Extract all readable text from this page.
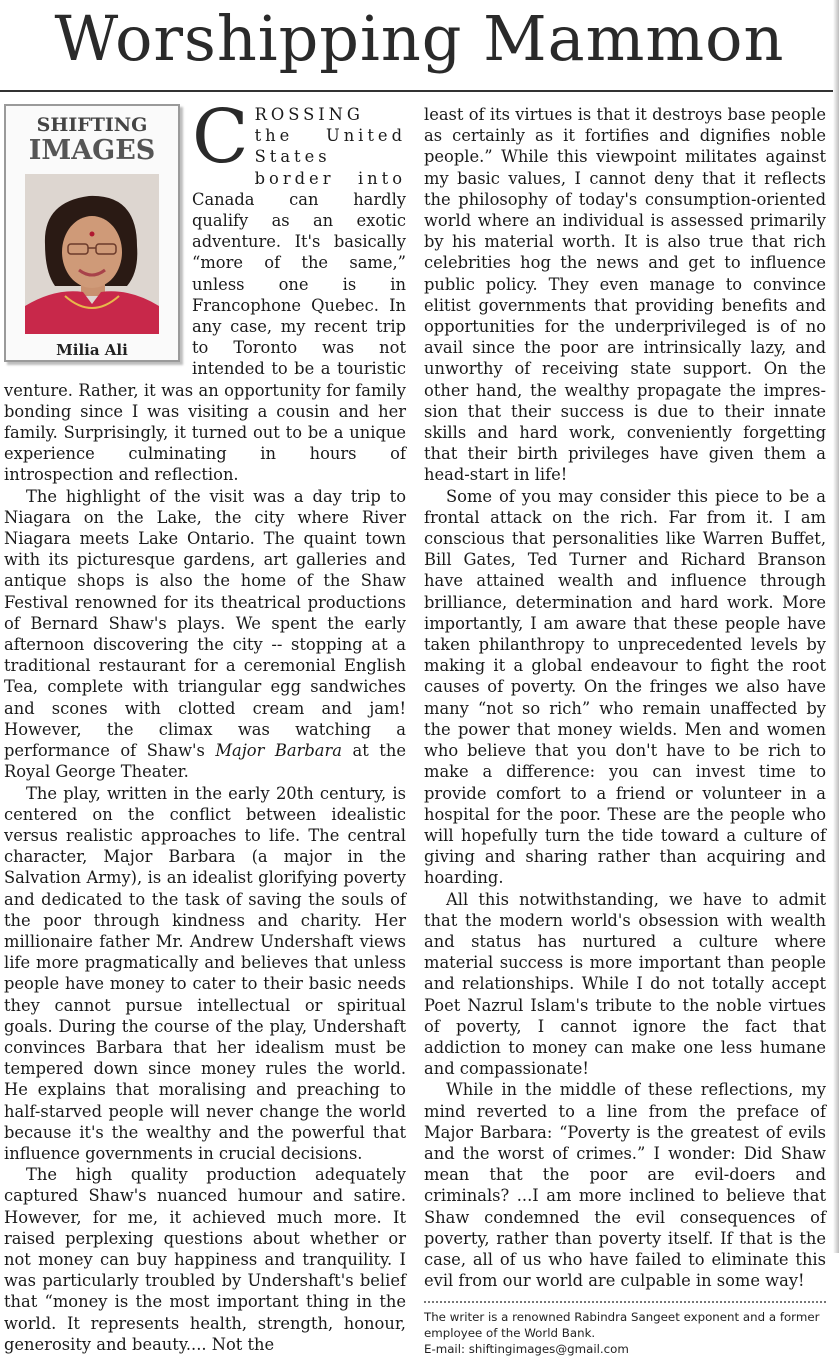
Worshipping Mammon
SHIFTING
IMAGES
Milia Ali

CROSSING the United States border into Canada can hardly qualify as an exotic adventure. It's basically “more of the same,” unless one is in Francophone Quebec. In any case, my recent trip to Toronto was not intended to be a touristic venture. Rather, it was an opportunity for family bonding since I was visiting a cousin and her family. Surprisingly, it turned out to be a unique experience culminating in hours of introspection and reflection.

The highlight of the visit was a day trip to Niagara on the Lake, the city where River Niagara meets Lake Ontario. The quaint town with its picturesque gardens, art galleries and antique shops is also the home of the Shaw Festival renowned for its theatrical productions of Bernard Shaw's plays. We spent the early afternoon discovering the city -- stopping at a traditional restaurant for a ceremonial English Tea, complete with triangular egg sandwiches and scones with clotted cream and jam! However, the climax was watching a performance of Shaw's Major Barbara at the Royal George Theater.

The play, written in the early 20th century, is centered on the conflict between idealistic versus realistic approaches to life. The central character, Major Barbara (a major in the Salvation Army), is an idealist glorifying poverty and dedicated to the task of saving the souls of the poor through kindness and charity. Her millionaire father Mr. Andrew Undershaft views life more pragmatically and believes that unless people have money to cater to their basic needs they cannot pursue intellectual or spiritual goals. During the course of the play, Undershaft convinces Barbara that her idealism must be tempered down since money rules the world. He explains that moralising and preaching to half-starved people will never change the world because it's the wealthy and the powerful that influence governments in crucial decisions.

The high quality production adequately captured Shaw's nuanced humour and satire. However, for me, it achieved much more. It raised perplexing questions about whether or not money can buy happiness and tranquility. I was particularly troubled by Undershaft's belief that “money is the most important thing in the world. It represents health, strength, honour, generosity and beauty.... Not the

least of its virtues is that it destroys base people as certainly as it fortifies and dignifies noble people.” While this viewpoint militates against my basic values, I cannot deny that it reflects the philosophy of today's consumption-oriented world where an individual is assessed primarily by his material worth. It is also true that rich celebrities hog the news and get to influence public policy. They even manage to convince elitist governments that providing benefits and opportunities for the underprivileged is of no avail since the poor are intrinsically lazy, and unworthy of receiving state support. On the other hand, the wealthy propagate the impression that their success is due to their innate skills and hard work, conveniently forgetting that their birth privileges have given them a head-start in life!

Some of you may consider this piece to be a frontal attack on the rich. Far from it. I am conscious that personalities like Warren Buffet, Bill Gates, Ted Turner and Richard Branson have attained wealth and influence through brilliance, determination and hard work. More importantly, I am aware that these people have taken philanthropy to unprecedented levels by making it a global endeavour to fight the root causes of poverty. On the fringes we also have many “not so rich” who remain unaffected by the power that money wields. Men and women who believe that you don't have to be rich to make a difference: you can invest time to provide comfort to a friend or volunteer in a hospital for the poor. These are the people who will hopefully turn the tide toward a culture of giving and sharing rather than acquiring and hoarding.

All this notwithstanding, we have to admit that the modern world's obsession with wealth and status has nurtured a culture where material success is more important than people and relationships. While I do not totally accept Poet Nazrul Islam's tribute to the noble virtues of poverty, I cannot ignore the fact that addiction to money can make one less humane and compassionate!

While in the middle of these reflections, my mind reverted to a line from the preface of Major Barbara: “Poverty is the greatest of evils and the worst of crimes.” I wonder: Did Shaw mean that the poor are evil-doers and criminals? ...I am more inclined to believe that Shaw condemned the evil consequences of poverty, rather than poverty itself. If that is the case, all of us who have failed to eliminate this evil from our world are culpable in some way!

The writer is a renowned Rabindra Sangeet exponent and a former employee of the World Bank.
E-mail: shiftingimages@gmail.com
